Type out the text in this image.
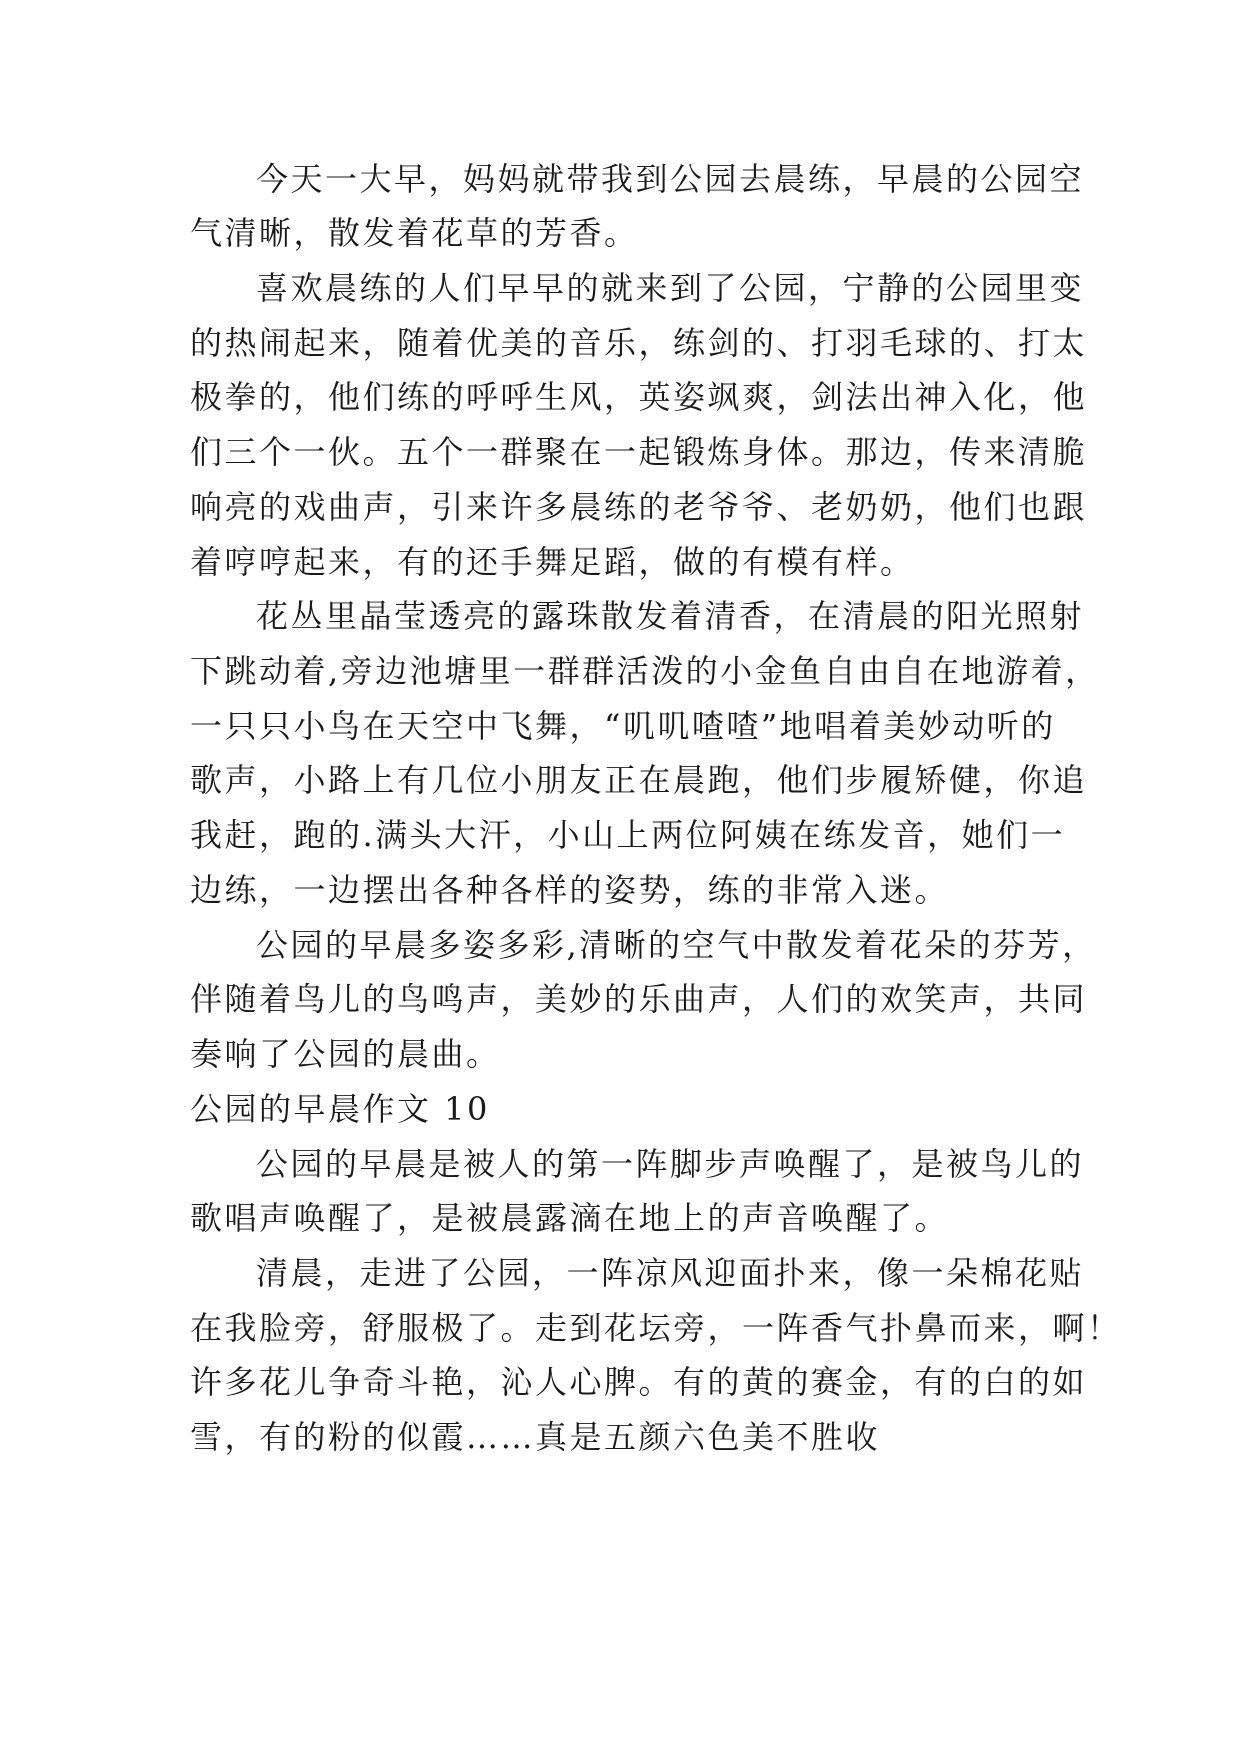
今天一大早，妈妈就带我到公园去晨练，早晨的公园空
气清晰，散发着花草的芳香。
喜欢晨练的人们早早的就来到了公园，宁静的公园里变
的热闹起来，随着优美的音乐，练剑的、打羽毛球的、打太
极拳的，他们练的呼呼生风，英姿飒爽，剑法出神入化，他
们三个一伙。五个一群聚在一起锻炼身体。那边，传来清脆
响亮的戏曲声，引来许多晨练的老爷爷、老奶奶，他们也跟
着哼哼起来，有的还手舞足蹈，做的有模有样。
花丛里晶莹透亮的露珠散发着清香，在清晨的阳光照射
下跳动着,旁边池塘里一群群活泼的小金鱼自由自在地游着，
一只只小鸟在天空中飞舞，“叽叽喳喳”地唱着美妙动听的
歌声，小路上有几位小朋友正在晨跑，他们步履矫健，你追
我赶，跑的.满头大汗，小山上两位阿姨在练发音，她们一
边练，一边摆出各种各样的姿势，练的非常入迷。
公园的早晨多姿多彩,清晰的空气中散发着花朵的芬芳，
伴随着鸟儿的鸟鸣声，美妙的乐曲声，人们的欢笑声，共同
奏响了公园的晨曲。
公园的早晨作文 10
公园的早晨是被人的第一阵脚步声唤醒了，是被鸟儿的
歌唱声唤醒了，是被晨露滴在地上的声音唤醒了。
清晨，走进了公园，一阵凉风迎面扑来，像一朵棉花贴
在我脸旁，舒服极了。走到花坛旁，一阵香气扑鼻而来，啊！
许多花儿争奇斗艳，沁人心脾。有的黄的赛金，有的白的如
雪，有的粉的似霞……真是五颜六色美不胜收
